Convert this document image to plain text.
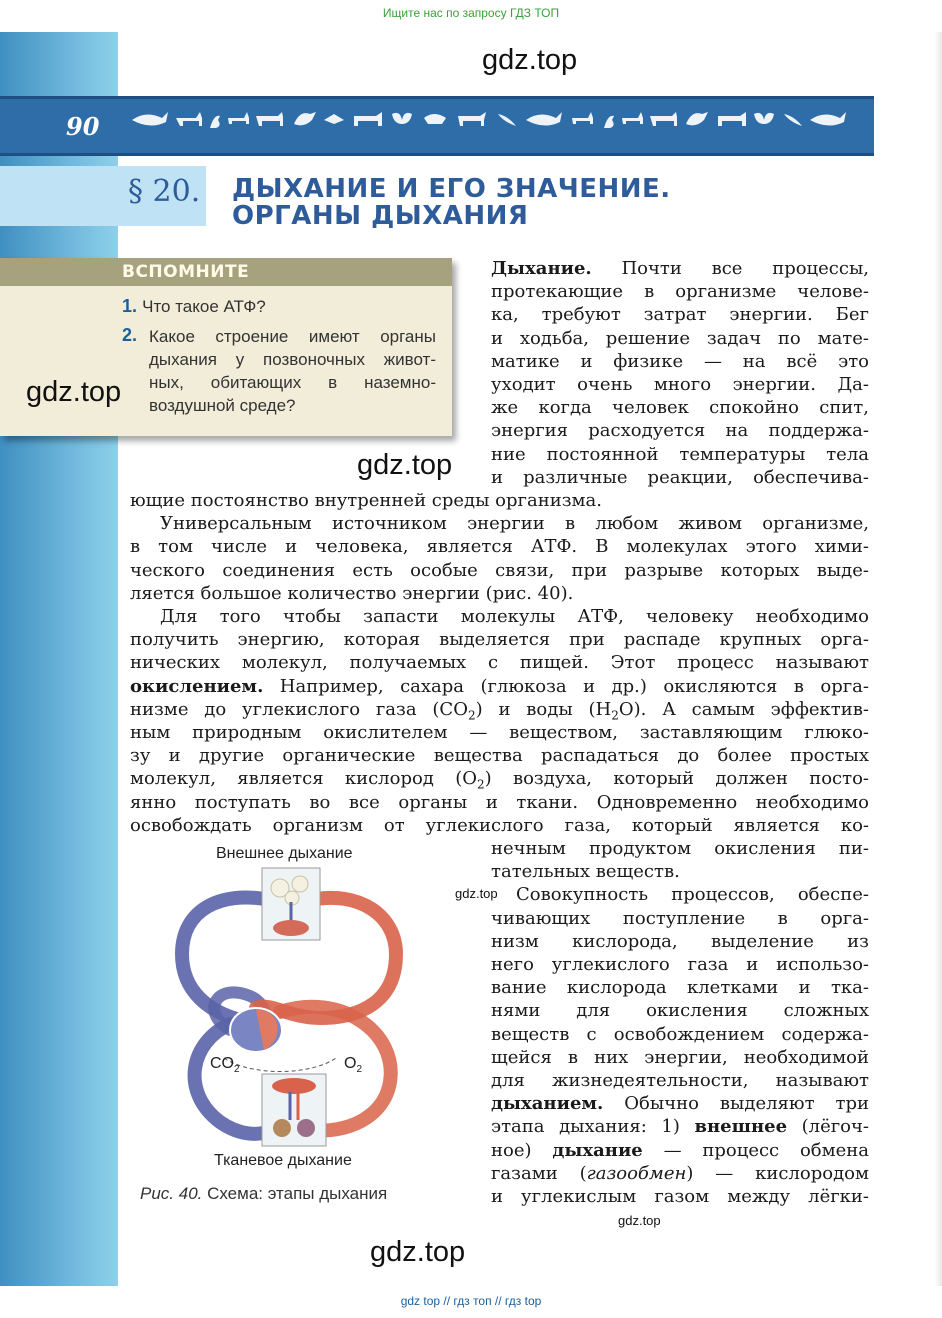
Ищите нас по запросу ГДЗ ТОП
gdz.top
90
§ 20. ДЫХАНИЕ И ЕГО ЗНАЧЕНИЕ.
ОРГАНЫ ДЫХАНИЯ
ВСПОМНИТЕ
1. Что такое АТФ?
2. Какое строение имеют органы
дыхания у позвоночных живот-
ных, обитающих в наземно-
воздушной среде?
gdz.top
Дыхание. Почти все процессы,
протекающие в организме челове-
ка, требуют затрат энергии. Бег
и ходьба, решение задач по мате-
матике и физике — на всё это
уходит очень много энергии. Да-
же когда человек спокойно спит,
энергия расходуется на поддержа-
ние постоянной температуры тела
и различные реакции, обеспечива-
gdz.top
ющие постоянство внутренней среды организма.
Универсальным источником энергии в любом живом организме,
в том числе и человека, является АТФ. В молекулах этого хими-
ческого соединения есть особые связи, при разрыве которых выде-
ляется большое количество энергии (рис. 40).
Для того чтобы запасти молекулы АТФ, человеку необходимо
получить энергию, которая выделяется при распаде крупных орга-
нических молекул, получаемых с пищей. Этот процесс называют
окислением. Например, сахара (глюкоза и др.) окисляются в орга-
низме до углекислого газа $(CO_2)$ и воды $(H_2O)$. А самым эффектив-
ным природным окислителем — веществом, заставляющим глюко-
зу и другие органические вещества распадаться до более простых
молекул, является кислород $(O_2)$ воздуха, который должен посто-
янно поступать во все органы и ткани. Одновременно необходимо
освобождать организм от углекислого газа, который является ко-
нечным продуктом окисления пи-
тательных веществ.
Совокупность процессов, обеспе-
чивающих поступление в орга-
низм кислорода, выделение из
него углекислого газа и использо-
вание кислорода клетками и тка-
нями для окисления сложных
веществ с освобождением содержа-
щейся в них энергии, необходимой
для жизнедеятельности, называют
дыханием. Обычно выделяют три
этапа дыхания: 1) внешнее (лёгоч-
ное) дыхание — процесс обмена
газами (газообмен) — кислородом
и углекислым газом между лёгки-
gdz.top
gdz.top
Внешнее дыхание
$CO_2$	$O_2$
Тканевое дыхание
Рис. 40. Схема: этапы дыхания
gdz.top
gdz top // гдз топ // гдз top
